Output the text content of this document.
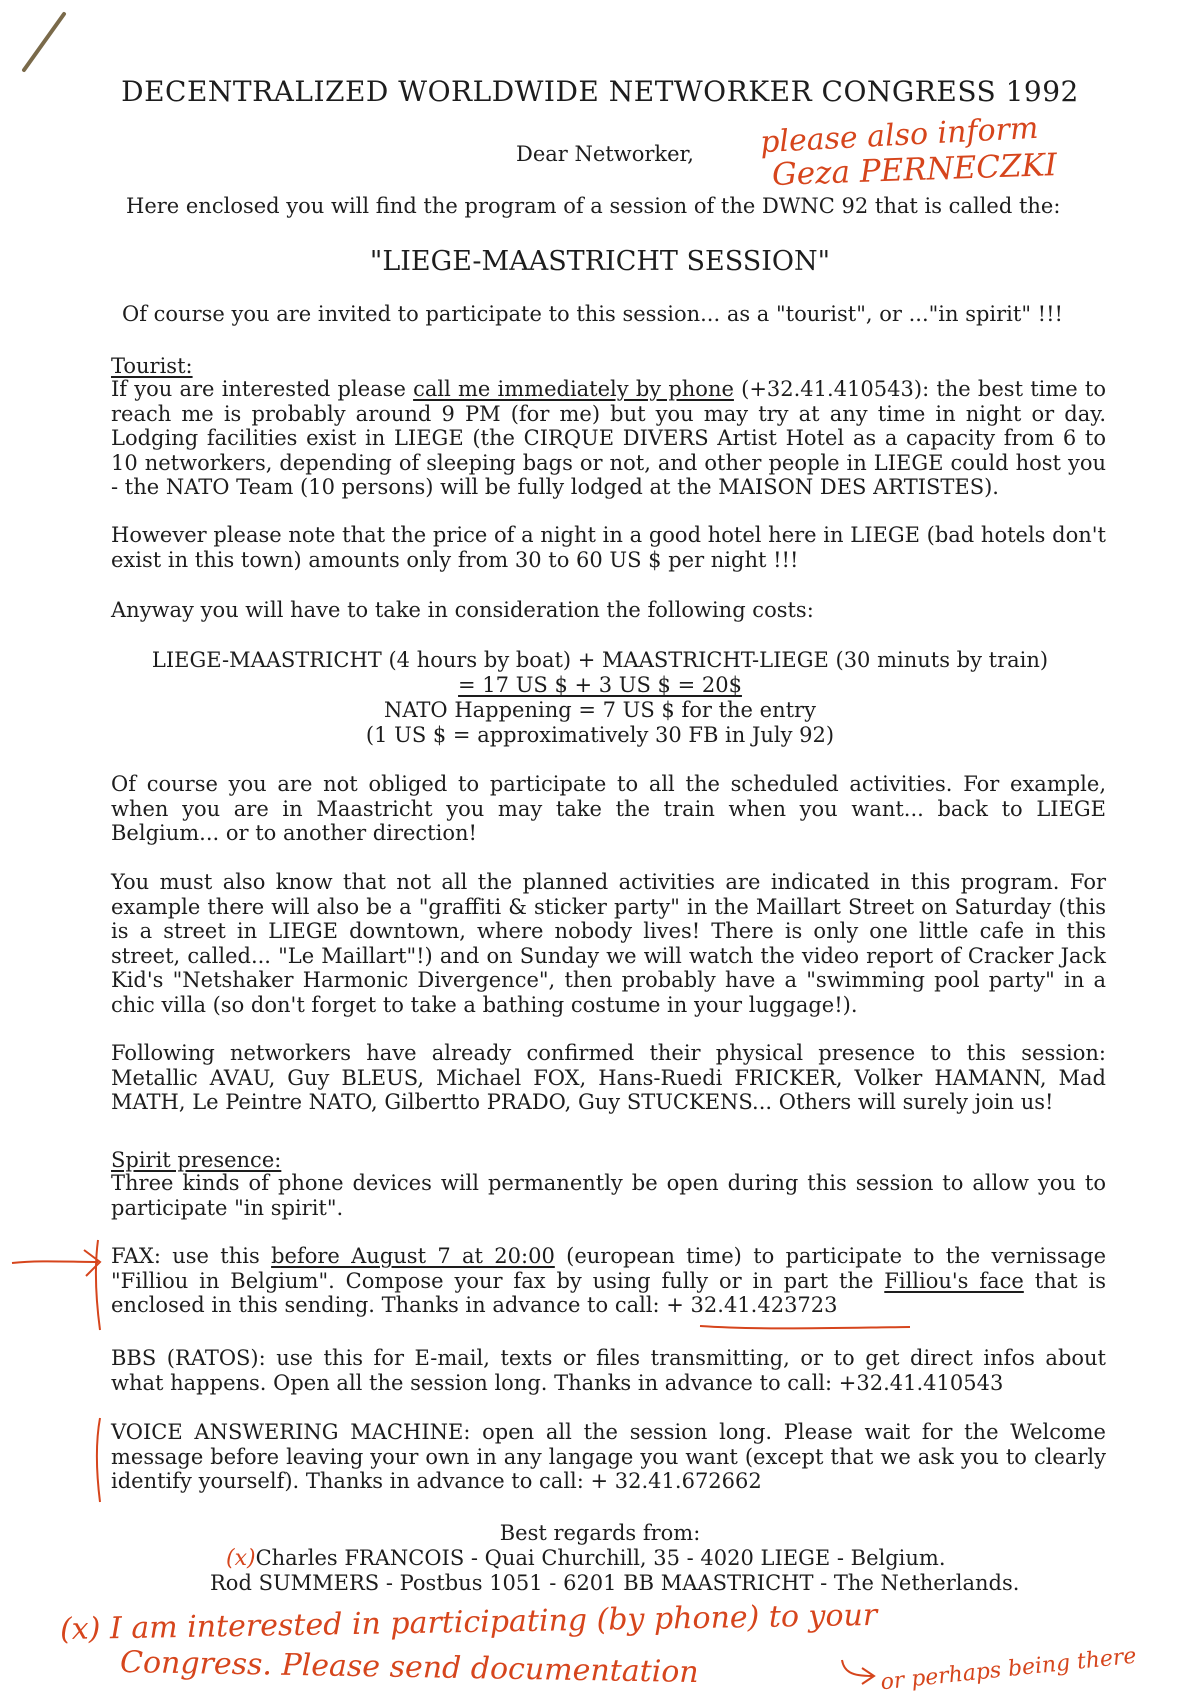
DECENTRALIZED WORLDWIDE NETWORKER CONGRESS 1992
Dear Networker, please also inform
Geza PERNECZKI
Here enclosed you will find the program of a session of the DWNC 92 that is called the:
"LIEGE-MAASTRICHT SESSION"
Of course you are invited to participate to this session... as a "tourist", or ..."in spirit" !!!
Tourist:
If you are interested please call me immediately by phone (+32.41.410543): the best time to reach me is probably around 9 PM (for me) but you may try at any time in night or day. Lodging facilities exist in LIEGE (the CIRQUE DIVERS Artist Hotel as a capacity from 6 to 10 networkers, depending of sleeping bags or not, and other people in LIEGE could host you - the NATO Team (10 persons) will be fully lodged at the MAISON DES ARTISTES).
However please note that the price of a night in a good hotel here in LIEGE (bad hotels don't exist in this town) amounts only from 30 to 60 US $ per night !!!
Anyway you will have to take in consideration the following costs:
LIEGE-MAASTRICHT (4 hours by boat) + MAASTRICHT-LIEGE (30 minuts by train)
= 17 US $ + 3 US $ = 20$
NATO Happening = 7 US $ for the entry
(1 US $ = approximatively 30 FB in July 92)
Of course you are not obliged to participate to all the scheduled activities. For example, when you are in Maastricht you may take the train when you want... back to LIEGE Belgium... or to another direction!
You must also know that not all the planned activities are indicated in this program. For example there will also be a "graffiti & sticker party" in the Maillart Street on Saturday (this is a street in LIEGE downtown, where nobody lives! There is only one little cafe in this street, called... "Le Maillart"!) and on Sunday we will watch the video report of Cracker Jack Kid's "Netshaker Harmonic Divergence", then probably have a "swimming pool party" in a chic villa (so don't forget to take a bathing costume in your luggage!).
Following networkers have already confirmed their physical presence to this session: Metallic AVAU, Guy BLEUS, Michael FOX, Hans-Ruedi FRICKER, Volker HAMANN, Mad MATH, Le Peintre NATO, Gilbertto PRADO, Guy STUCKENS... Others will surely join us!
Spirit presence:
Three kinds of phone devices will permanently be open during this session to allow you to participate "in spirit".
FAX: use this before August 7 at 20:00 (european time) to participate to the vernissage "Filliou in Belgium". Compose your fax by using fully or in part the Filliou's face that is enclosed in this sending. Thanks in advance to call: + 32.41.423723
BBS (RATOS): use this for E-mail, texts or files transmitting, or to get direct infos about what happens. Open all the session long. Thanks in advance to call: +32.41.410543
VOICE ANSWERING MACHINE: open all the session long. Please wait for the Welcome message before leaving your own in any langage you want (except that we ask you to clearly identify yourself). Thanks in advance to call: + 32.41.672662
Best regards from:
(x)Charles FRANCOIS - Quai Churchill, 35 - 4020 LIEGE - Belgium.
Rod SUMMERS - Postbus 1051 - 6201 BB MAASTRICHT - The Netherlands.
(x) I am interested in participating (by phone) to your
Congress. Please send documentation	or perhaps being there
